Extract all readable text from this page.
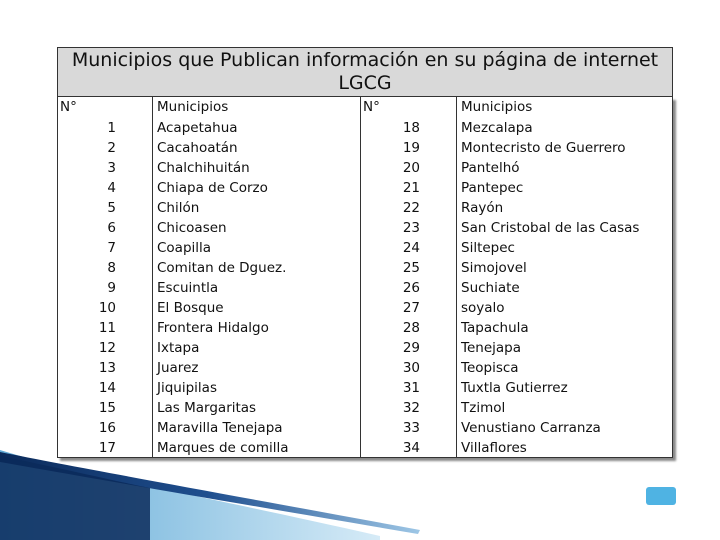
Municipios que Publican información en su página de internet LGCG
N°
1
2
3
4
5
6
7
8
9
10
11
12
13
14
15
16
17
Municipios
Acapetahua
Cacahoatán
Chalchihuitán
Chiapa de Corzo
Chilón
Chicoasen
Coapilla
Comitan de Dguez.
Escuintla
El Bosque
Frontera Hidalgo
Ixtapa
Juarez
Jiquipilas
Las Margaritas
Maravilla Tenejapa
Marques de comilla
N°
18
19
20
21
22
23
24
25
26
27
28
29
30
31
32
33
34
Municipios
Mezcalapa
Montecristo de Guerrero
Pantelhó
Pantepec
Rayón
San Cristobal de las Casas
Siltepec
Simojovel
Suchiate
soyalo
Tapachula
Tenejapa
Teopisca
Tuxtla Gutierrez
Tzimol
Venustiano Carranza
Villaflores
